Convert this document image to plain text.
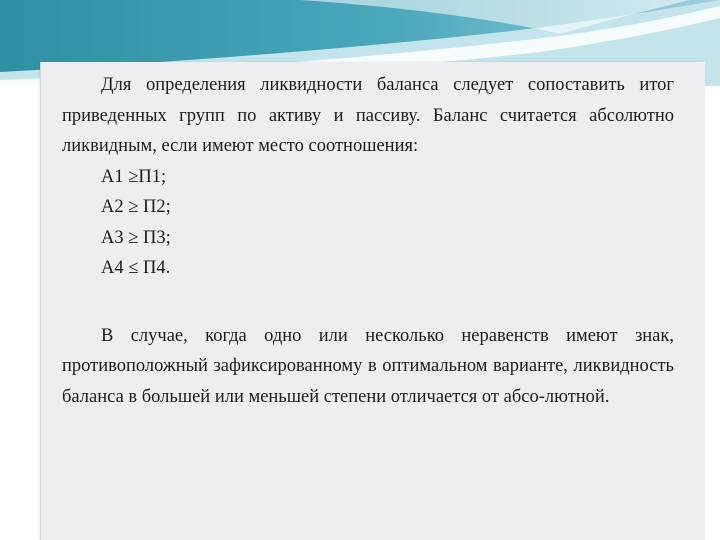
Для определения ликвидности баланса следует сопоставить итог приведенных групп по активу и пассиву. Баланс считается абсолютно ликвидным, если имеют место соотношения:

А1 ≥П1;
А2 ≥ П2;
А3 ≥ П3;
А4 ≤ П4.

В случае, когда одно или несколько неравенств имеют знак, противоположный зафиксированному в оптимальном варианте, ликвидность баланса в большей или меньшей степени отличается от абсо-лютной.
